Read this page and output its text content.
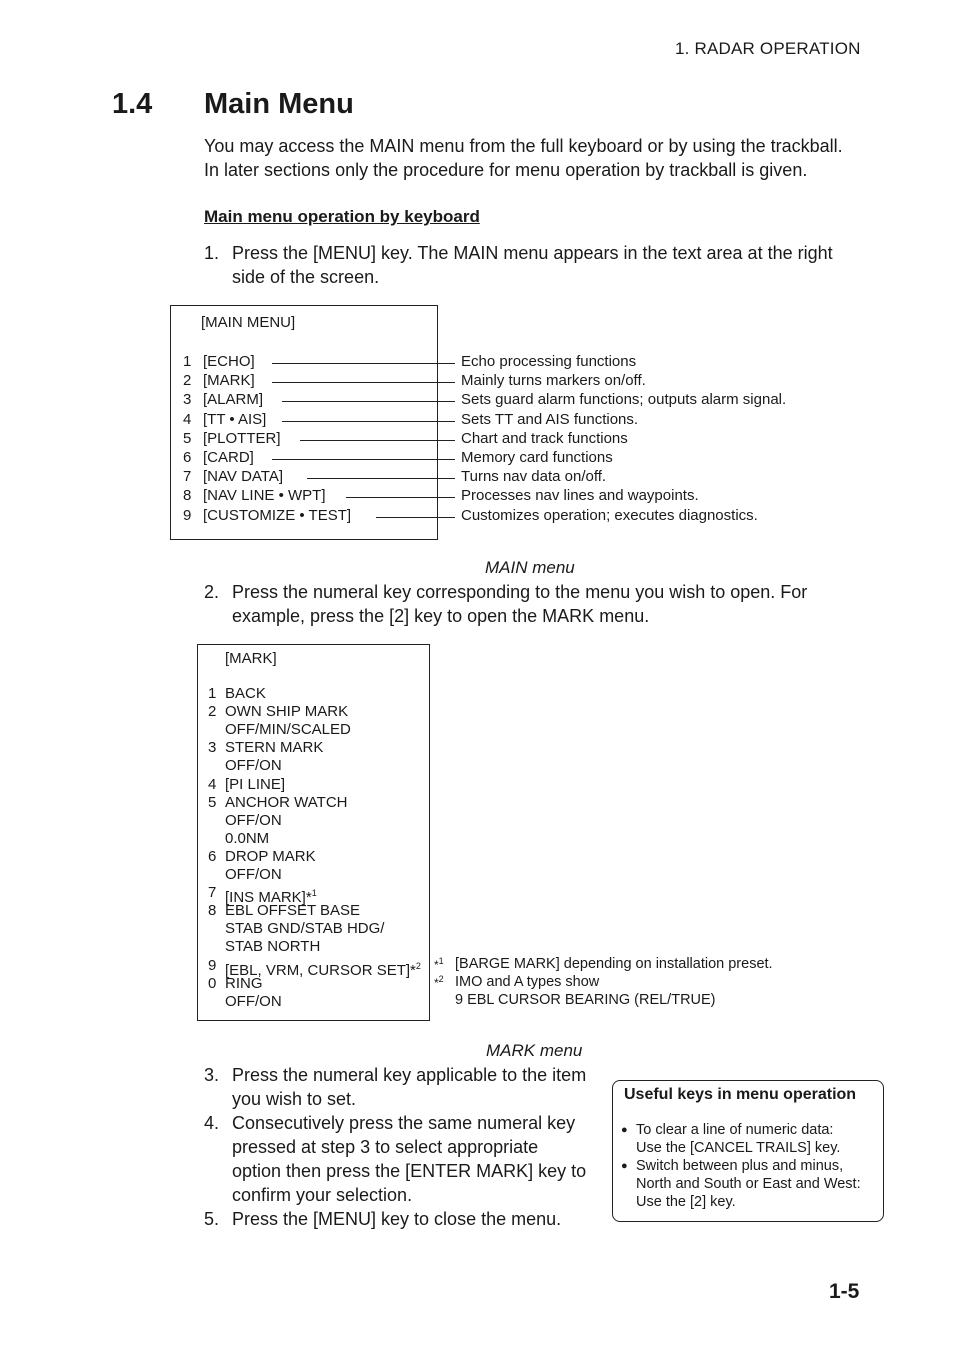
1. RADAR OPERATION
1.4 Main Menu
You may access the MAIN menu from the full keyboard or by using the trackball.
In later sections only the procedure for menu operation by trackball is given.
Main menu operation by keyboard
1. Press the [MENU] key. The MAIN menu appears in the text area at the right
side of the screen.
[MAIN MENU]
1 [ECHO]	Echo processing functions
2 [MARK]	Mainly turns markers on/off.
3 [ALARM]	Sets guard alarm functions; outputs alarm signal.
4 [TT • AIS]	Sets TT and AIS functions.
5 [PLOTTER]	Chart and track functions
6 [CARD]	Memory card functions
7 [NAV DATA]	Turns nav data on/off.
8 [NAV LINE • WPT]	Processes nav lines and waypoints.
9 [CUSTOMIZE • TEST]	Customizes operation; executes diagnostics.
MAIN menu
2. Press the numeral key corresponding to the menu you wish to open. For
example, press the [2] key to open the MARK menu.
[MARK]
1 BACK
2 OWN SHIP MARK
OFF/MIN/SCALED
3 STERN MARK
OFF/ON
4 [PI LINE]
5 ANCHOR WATCH
OFF/ON
0.0NM
6 DROP MARK
OFF/ON
7 [INS MARK]*$^1$
8 EBL OFFSET BASE
STAB GND/STAB HDG/
STAB NORTH
9 [EBL, VRM, CURSOR SET]*$^2$
0 RING
OFF/ON
*$^1$ [BARGE MARK] depending on installation preset.
*$^2$ IMO and A types show
9 EBL CURSOR BEARING (REL/TRUE)
MARK menu
3. Press the numeral key applicable to the item
you wish to set.
4. Consecutively press the same numeral key
pressed at step 3 to select appropriate
option then press the [ENTER MARK] key to
confirm your selection.
5. Press the [MENU] key to close the menu.
Useful keys in menu operation
● To clear a line of numeric data:
Use the [CANCEL TRAILS] key.
● Switch between plus and minus,
North and South or East and West:
Use the [2] key.
1-5
